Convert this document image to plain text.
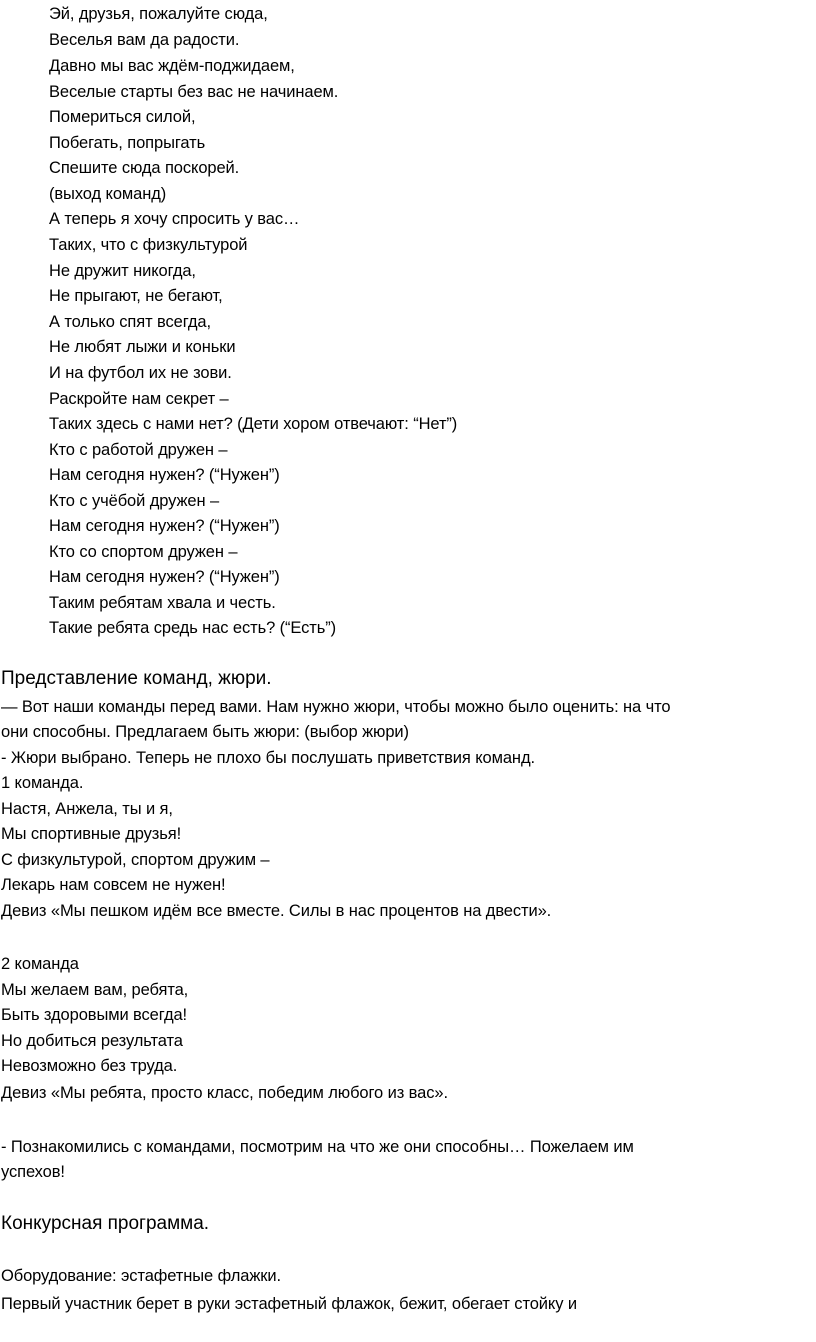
Эй, друзья, пожалуйте сюда,
Веселья вам да радости.
Давно мы вас ждём-поджидаем,
Веселые старты без вас не начинаем.
Помериться силой,
Побегать, попрыгать
Спешите сюда поскорей.
(выход команд)
А теперь я хочу спросить у вас…
Таких, что с физкультурой
Не дружит никогда,
Не прыгают, не бегают,
А только спят всегда,
Не любят лыжи и коньки
И на футбол их не зови.
Раскройте нам секрет –
Таких здесь с нами нет? (Дети хором отвечают: “Нет”)
Кто с работой дружен –
Нам сегодня нужен? (“Нужен”)
Кто с учёбой дружен –
Нам сегодня нужен? (“Нужен”)
Кто со спортом дружен –
Нам сегодня нужен? (“Нужен”)
Таким ребятам хвала и честь.
Такие ребята средь нас есть? (“Есть”)
Представление команд, жюри.
— Вот наши команды перед вами. Нам нужно жюри, чтобы можно было оценить: на что
они способны. Предлагаем быть жюри: (выбор жюри)
- Жюри выбрано. Теперь не плохо бы послушать приветствия команд.
1 команда.
Настя, Анжела, ты и я,
Мы спортивные друзья!
С физкультурой, спортом дружим –
Лекарь нам совсем не нужен!
Девиз «Мы пешком идём все вместе. Силы в нас процентов на двести».
2 команда
Мы желаем вам, ребята,
Быть здоровыми всегда!
Но добиться результата
Невозможно без труда.
Девиз «Мы ребята, просто класс, победим любого из вас».
- Познакомились с командами, посмотрим на что же они способны… Пожелаем им
успехов!
Конкурсная программа.
Оборудование: эстафетные флажки.
Первый участник берет в руки эстафетный флажок, бежит, обегает стойку и
